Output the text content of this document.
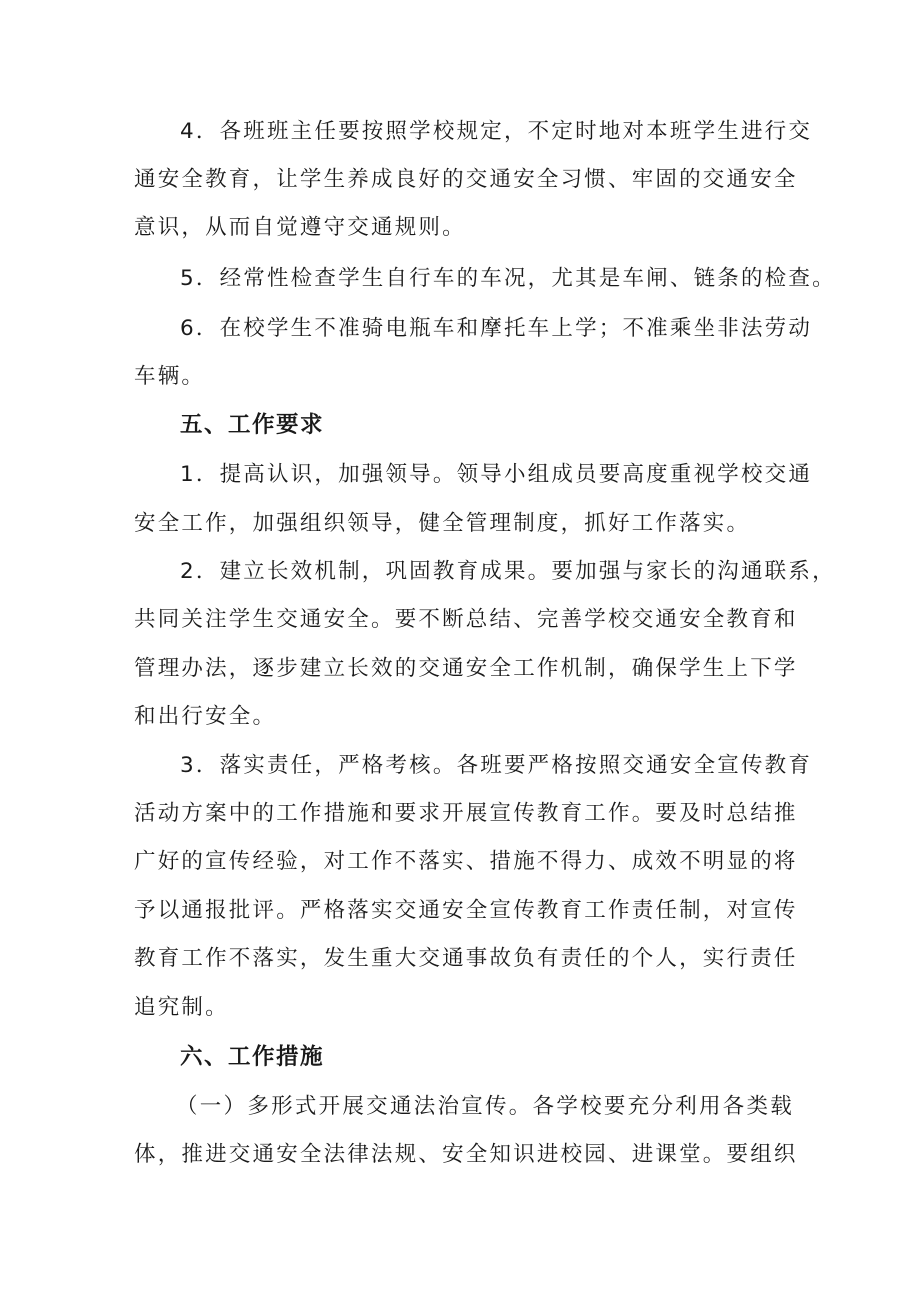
4．各班班主任要按照学校规定，不定时地对本班学生进行交
通安全教育，让学生养成良好的交通安全习惯、牢固的交通安全
意识，从而自觉遵守交通规则。
5．经常性检查学生自行车的车况，尤其是车闸、链条的检查。
6．在校学生不准骑电瓶车和摩托车上学；不准乘坐非法劳动
车辆。
五、工作要求
1．提高认识，加强领导。领导小组成员要高度重视学校交通
安全工作，加强组织领导，健全管理制度，抓好工作落实。
2．建立长效机制，巩固教育成果。要加强与家长的沟通联系，
共同关注学生交通安全。要不断总结、完善学校交通安全教育和
管理办法，逐步建立长效的交通安全工作机制，确保学生上下学
和出行安全。
3．落实责任，严格考核。各班要严格按照交通安全宣传教育
活动方案中的工作措施和要求开展宣传教育工作。要及时总结推
广好的宣传经验，对工作不落实、措施不得力、成效不明显的将
予以通报批评。严格落实交通安全宣传教育工作责任制，对宣传
教育工作不落实，发生重大交通事故负有责任的个人，实行责任
追究制。
六、工作措施
（一）多形式开展交通法治宣传。各学校要充分利用各类载
体，推进交通安全法律法规、安全知识进校园、进课堂。要组织
